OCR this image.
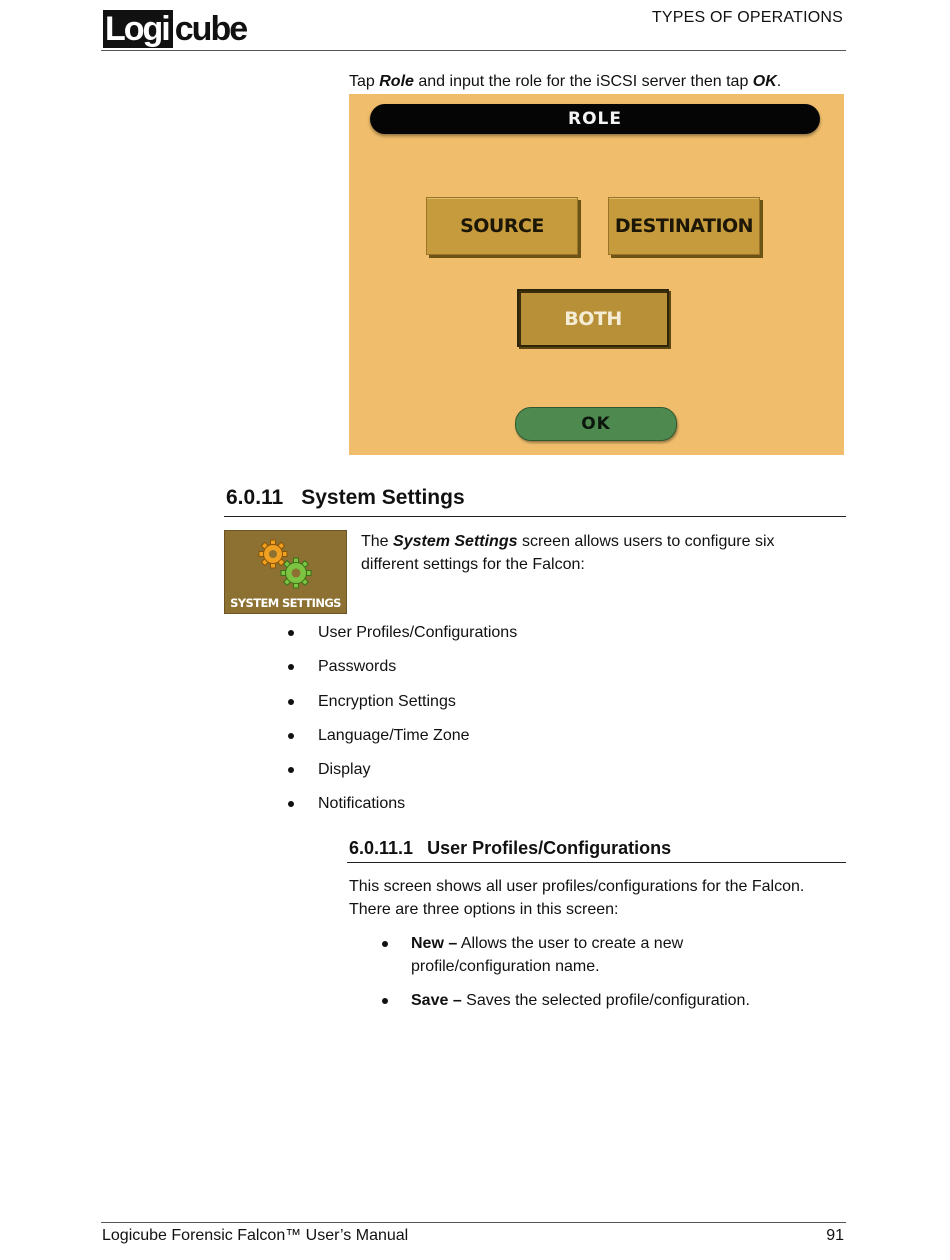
Logi cube	TYPES OF OPERATIONS
Tap Role and input the role for the iSCSI server then tap OK.
ROLE
SOURCE	DESTINATION
BOTH
OK
6.0.11 System Settings
SYSTEM SETTINGS
The System Settings screen allows users to configure six
different settings for the Falcon:
User Profiles/Configurations
Passwords
Encryption Settings
Language/Time Zone
Display
Notifications
6.0.11.1 User Profiles/Configurations
This screen shows all user profiles/configurations for the Falcon.
There are three options in this screen:
New – Allows the user to create a new
profile/configuration name.
Save – Saves the selected profile/configuration.
Logicube Forensic Falcon™ User’s Manual	91
